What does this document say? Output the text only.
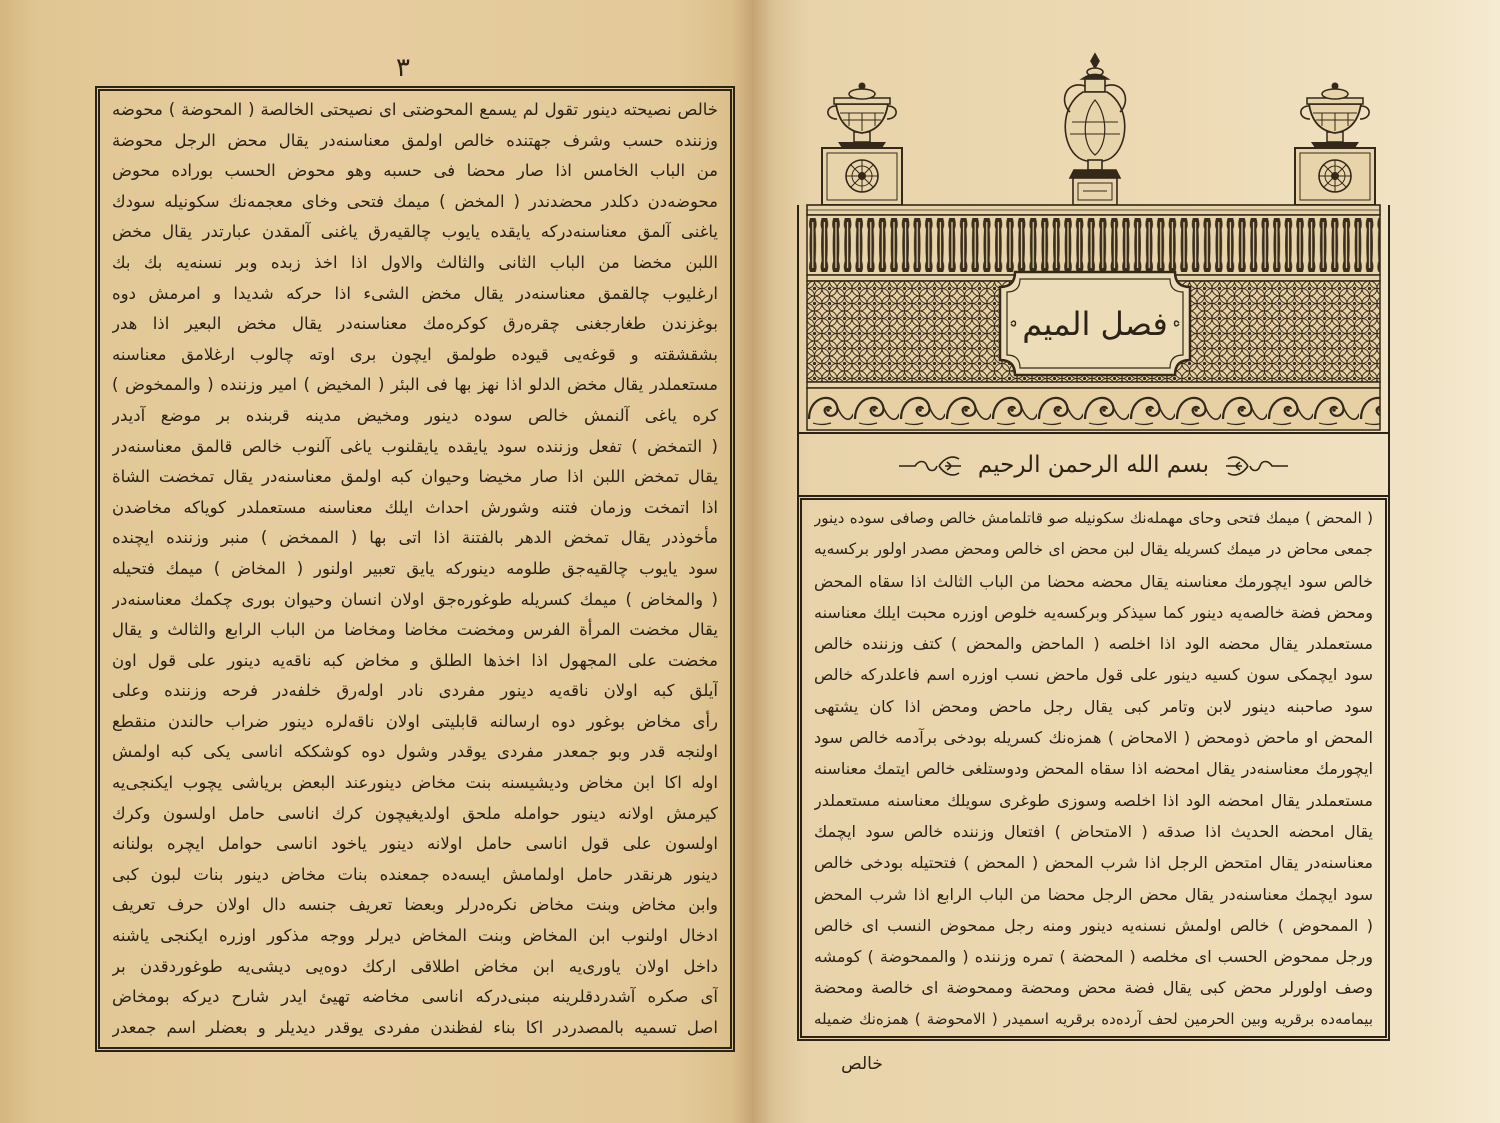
٣
خالص نصیحته دینور تقول لم یسمع المحوضتی ای نصیحتی الخالصة ( المحوضة ) محوضه
وزننده حسب وشرف جهتنده خالص اولمق معناسنه‌در یقال محض الرجل محوضة
من الباب الخامس اذا صار محضا فی حسبه وهو محوض الحسب بوراده محوض
محوضه‌دن دکلدر محضدندر ( المخض ) میمك فتحی وخای معجمه‌نك سکونیله سودك
یاغنی آلمق معناسنه‌درکه یایقده یایوب چالقیه‌رق یاغنی آلمقدن عبارتدر یقال مخض
اللبن مخضا من الباب الثانی والثالث والاول اذا اخذ زبده وبر نسنه‌یه بك بك
ارغلیوب چالقمق معناسنه‌در یقال مخض الشیء اذا حرکه شدیدا و امرمش دوه
بوغزندن طغارجغنی چقره‌رق کوکره‌مك معناسنه‌در یقال مخض البعیر اذا هدر
بشقشقته و قوغه‌یی قیوده طولمق ایچون بری اوته چالوب ارغلامق معناسنه
مستعملدر یقال مخض الدلو اذا نهز بها فی البئر ( المخیض ) امیر وزننده ( والممخوض )
کره یاغی آلنمش خالص سوده دینور ومخیض مدینه قربنده بر موضع آدیدر
( التمخض ) تفعل وزننده سود یایقده یایقلنوب یاغی آلنوب خالص قالمق معناسنه‌در
یقال تمخض اللبن اذا صار مخیضا وحیوان کبه اولمق معناسنه‌در یقال تمخضت الشاة
اذا اتمخت وزمان فتنه وشورش احداث ایلك معناسنه مستعملدر کویاکه مخاضدن
مأخوذدر یقال تمخض الدهر بالفتنة اذا اتی بها ( الممخض ) منبر وزننده ایچنده
سود یایوب چالقیه‌جق طلومه دینورکه یایق تعبیر اولنور ( المخاض ) میمك فتحیله
( والمخاض ) میمك کسریله طوغوره‌جق اولان انسان وحیوان بوری چکمك معناسنه‌در
یقال مخضت المرأة الفرس ومخضت مخاضا ومخاضا من الباب الرابع والثالث و یقال
مخضت علی المجهول اذا اخذها الطلق و مخاض کبه ناقه‌یه دینور علی قول اون
آیلق کبه اولان ناقه‌یه دینور مفردی نادر اوله‌رق خلفه‌در فرحه وزننده وعلی
رأی مخاض بوغور دوه ارسالنه قابلیتی اولان ناقه‌لره دینور ضراب حالندن منقطع
اولنجه قدر وبو جمعدر مفردی یوقدر وشول دوه کوشککه اناسی یکی کبه اولمش
اوله اکا ابن مخاض ودیشیسنه بنت مخاض دینورعند البعض بریاشی یچوب ایکنجی‌یه
کیرمش اولانه دینور حوامله ملحق اولدیغیچون کرك اناسی حامل اولسون وکرك
اولسون علی قول اناسی حامل اولانه دینور یاخود اناسی حوامل ایچره بولنانه
دینور هرنقدر حامل اولمامش ایسه‌ده جمعنده بنات مخاض دینور بنات لبون کبی
وابن مخاض وبنت مخاض نکره‌درلر وبعضا تعریف جنسه دال اولان حرف تعریف
ادخال اولنوب ابن المخاض وبنت المخاض دیرلر ووجه مذکور اوزره ایکنجی یاشنه
داخل اولان یاوری‌یه ابن مخاض اطلاقی ارکك دوه‌یی دیشی‌یه طوغوردقدن بر
آی صکره آشدردقلرینه مبنی‌درکه اناسی مخاضه تهیئ ایدر شارح دیرکه بومخاض
اصل تسمیه بالمصدردر اکا بناء لفظندن مفردی یوقدر دیدیلر و بعضلر اسم جمعدر
فصل المیم
بسم الله الرحمن الرحیم
( المحض ) میمك فتحی وحای مهمله‌نك سکونیله صو قاتلمامش خالص وصافی سوده دینور
جمعی محاض در میمك کسریله یقال لبن محض ای خالص ومحض مصدر اولور برکسه‌یه
خالص سود ایچورمك معناسنه یقال محضه محضا من الباب الثالث اذا سقاه المحض
ومحض فضة خالصه‌یه دینور کما سیذکر وبرکسه‌یه خلوص اوزره محبت ایلك معناسنه
مستعملدر یقال محضه الود اذا اخلصه ( الماحض والمحض ) کتف وزننده خالص
سود ایچمکی سون کسیه دینور علی قول ماحض نسب اوزره اسم فاعلدرکه خالص
سود صاحبنه دینور لابن وتامر کبی یقال رجل ماحض ومحض اذا کان یشتهی
المحض او ماحض ذومحض ( الامحاض ) همزه‌نك کسریله بودخی برآدمه خالص سود
ایچورمك معناسنه‌در یقال امحضه اذا سقاه المحض ودوستلغی خالص ایتمك معناسنه
مستعملدر یقال امحضه الود اذا اخلصه وسوزی طوغری سویلك معناسنه مستعملدر
یقال امحضه الحدیث اذا صدقه ( الامتحاض ) افتعال وزننده خالص سود ایچمك
معناسنه‌در یقال امتحض الرجل اذا شرب المحض ( المحض ) فتحتیله بودخی خالص
سود ایچمك معناسنه‌در یقال محض الرجل محضا من الباب الرابع اذا شرب المحض
( الممحوض ) خالص اولمش نسنه‌یه دینور ومنه رجل ممحوض النسب ای خالص
ورجل ممحوض الحسب ای مخلصه ( المحضة ) تمره وزننده ( والممحوضة ) کومشه
وصف اولورلر محض کبی یقال فضة محض ومحضة وممحوضة ای خالصة ومحضة
بیمامه‌ده برقریه وبین الحرمین لحف آرده‌ده برقریه اسمیدر ( الامحوضة ) همزه‌نك ضمیله
خالص
